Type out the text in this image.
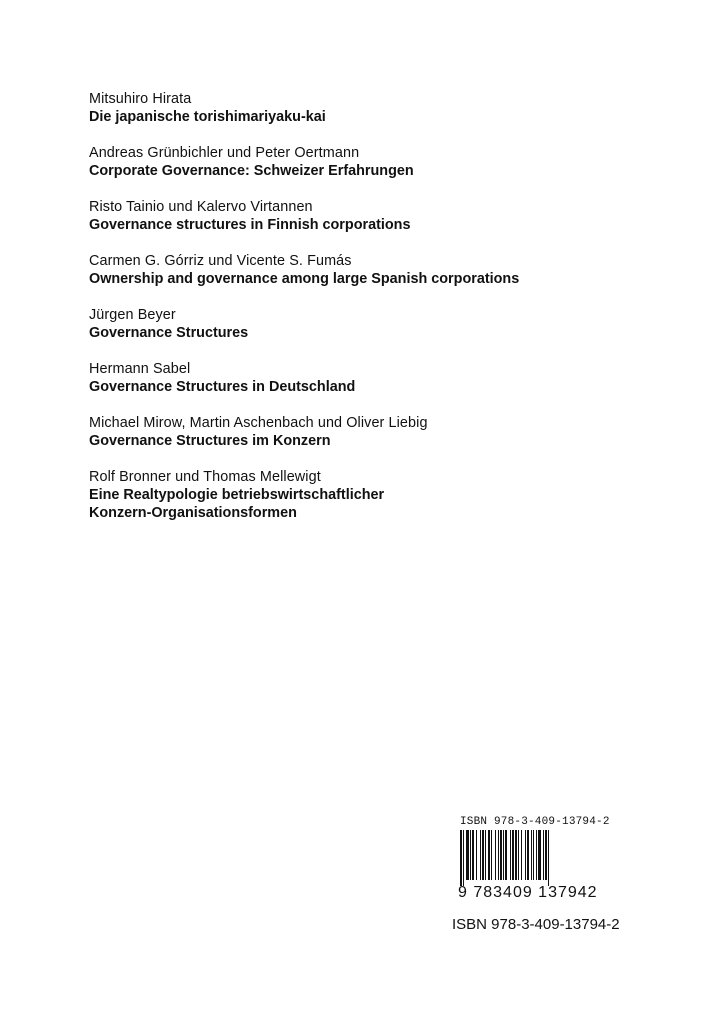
Mitsuhiro Hirata
Die japanische torishimariyaku-kai
Andreas Grünbichler und Peter Oertmann
Corporate Governance: Schweizer Erfahrungen
Risto Tainio und Kalervo Virtannen
Governance structures in Finnish corporations
Carmen G. Górriz und Vicente S. Fumás
Ownership and governance among large Spanish corporations
Jürgen Beyer
Governance Structures
Hermann Sabel
Governance Structures in Deutschland
Michael Mirow, Martin Aschenbach und Oliver Liebig
Governance Structures im Konzern
Rolf Bronner und Thomas Mellewigt
Eine Realtypologie betriebswirtschaftlicher
Konzern-Organisationsformen
ISBN 978-3-409-13794-2
9 783409 137942
ISBN 978-3-409-13794-2
